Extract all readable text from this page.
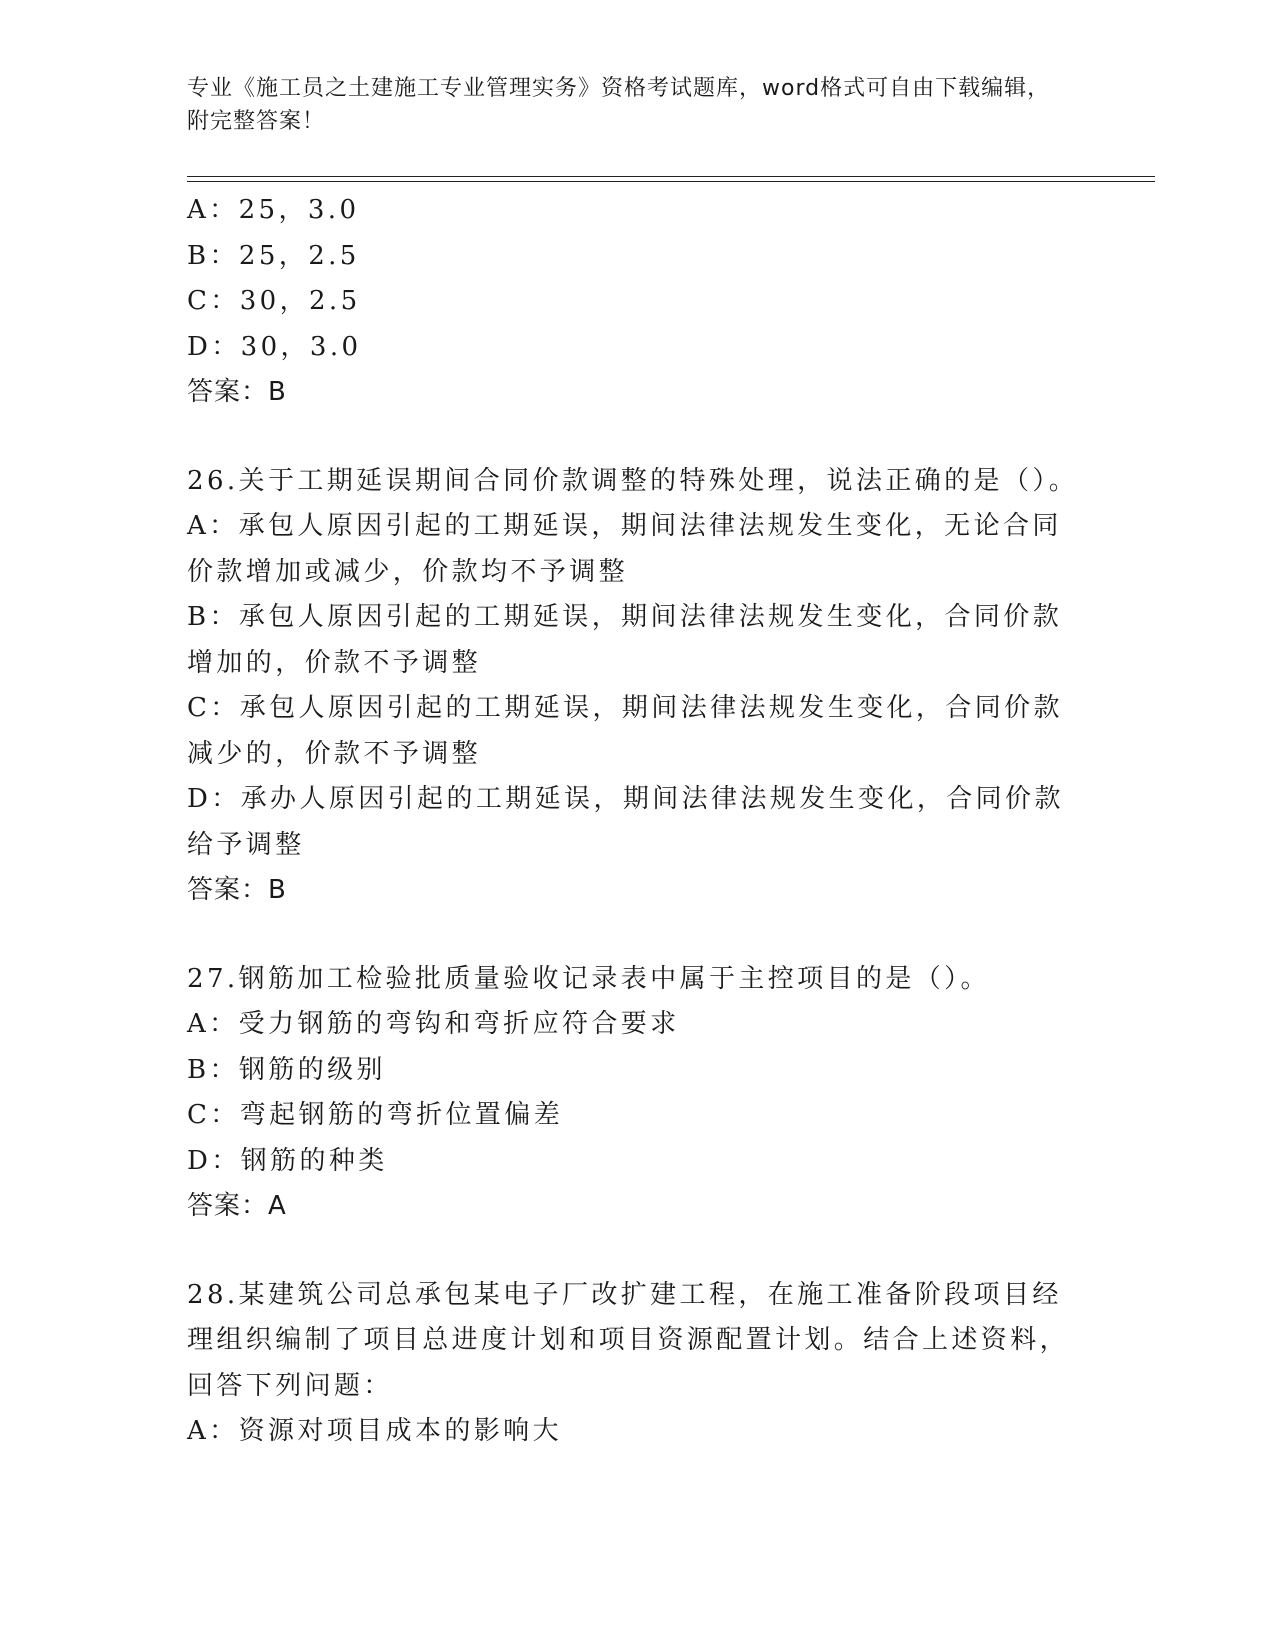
专业《施工员之土建施工专业管理实务》资格考试题库，word格式可自由下载编辑，附完整答案！
A：25，3.0
B：25，2.5
C：30，2.5
D：30，3.0
答案：B
26.关于工期延误期间合同价款调整的特殊处理，说法正确的是（）。
A：承包人原因引起的工期延误，期间法律法规发生变化，无论合同价款增加或减少，价款均不予调整
B：承包人原因引起的工期延误，期间法律法规发生变化，合同价款增加的，价款不予调整
C：承包人原因引起的工期延误，期间法律法规发生变化，合同价款减少的，价款不予调整
D：承办人原因引起的工期延误，期间法律法规发生变化，合同价款给予调整
答案：B
27.钢筋加工检验批质量验收记录表中属于主控项目的是（）。
A：受力钢筋的弯钩和弯折应符合要求
B：钢筋的级别
C：弯起钢筋的弯折位置偏差
D：钢筋的种类
答案：A
28.某建筑公司总承包某电子厂改扩建工程，在施工准备阶段项目经理组织编制了项目总进度计划和项目资源配置计划。结合上述资料，回答下列问题：
A：资源对项目成本的影响大
